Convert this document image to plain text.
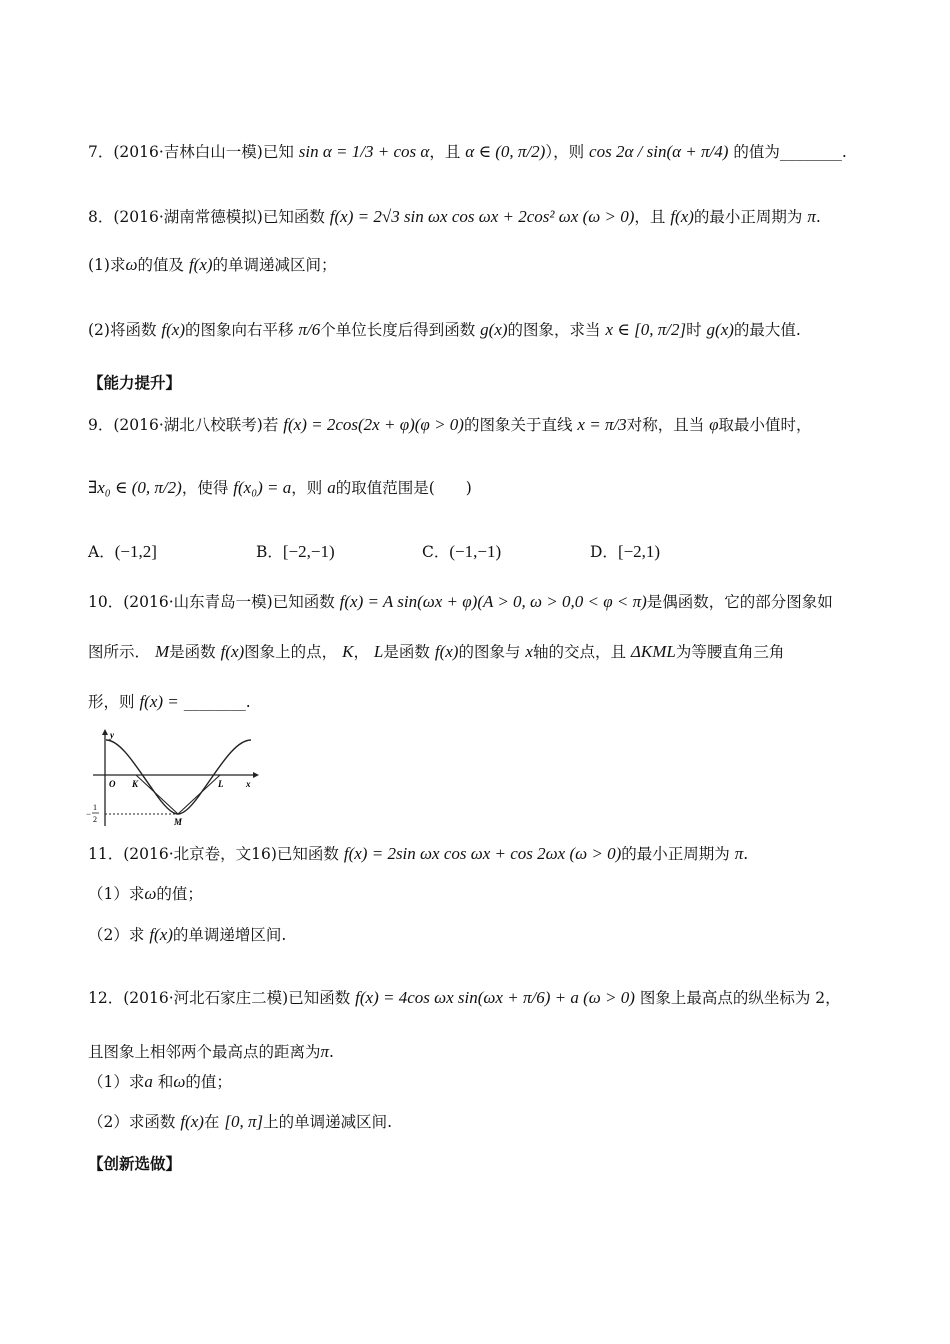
7．(2016·吉林白山一模)已知 sin α = 1/3 + cos α，且 α ∈ (0, π/2)），则 cos 2α / sin(α + π/4) 的值为________.
8．(2016·湖南常德模拟)已知函数 f(x) = 2√3 sin ωx cos ωx + 2cos² ωx (ω > 0)，且 f(x)的最小正周期为 π.
(1)求ω的值及 f(x)的单调递减区间；
(2)将函数 f(x)的图象向右平移 π/6个单位长度后得到函数 g(x)的图象，求当 x ∈ [0, π/2]时 g(x)的最大值.
【能力提升】
9．(2016·湖北八校联考)若 f(x) = 2cos(2x + φ)(φ > 0)的图象关于直线 x = π/3对称，且当 φ取最小值时，
∃x₀ ∈ (0, π/2)，使得 f(x₀) = a，则 a的取值范围是(　　)
A．(−1,2]	B．[−2,−1)	C．(−1,−1)	D．[−2,1)
10．(2016·山东青岛一模)已知函数 f(x) = A sin(ωx + φ)(A > 0, ω > 0,0 < φ < π)是偶函数，它的部分图象如
图所示． M是函数 f(x)图象上的点， K， L是函数 f(x)的图象与 x轴的交点，且 ΔKML为等腰直角三角
形，则 f(x) = ________.
y
x
O K	L
M
−
1
2
11．(2016·北京卷，文16)已知函数 f(x) = 2sin ωx cos ωx + cos 2ωx (ω > 0)的最小正周期为 π.
（1）求ω的值；
（2）求 f(x)的单调递增区间.
12．(2016·河北石家庄二模)已知函数 f(x) = 4cos ωx sin(ωx + π/6) + a (ω > 0) 图象上最高点的纵坐标为 2，
且图象上相邻两个最高点的距离为π.
（1）求a 和ω的值；
（2）求函数 f(x)在 [0, π]上的单调递减区间.
【创新选做】
